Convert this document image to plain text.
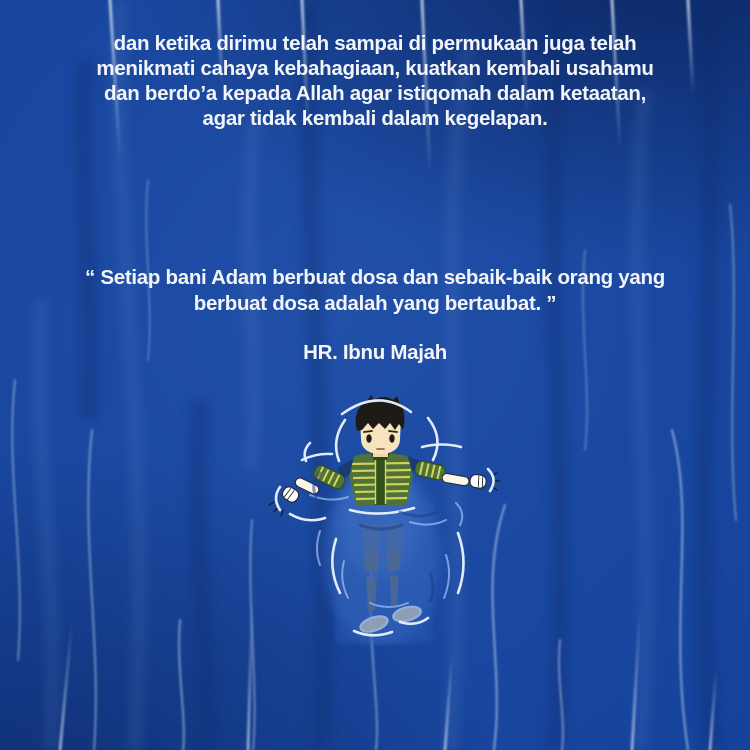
dan ketika dirimu telah sampai di permukaan juga telah
menikmati cahaya kebahagiaan, kuatkan kembali usahamu
dan berdo’a kepada Allah agar istiqomah dalam ketaatan,
agar tidak kembali dalam kegelapan.
“ Setiap bani Adam berbuat dosa dan sebaik-baik orang yang
berbuat dosa adalah yang bertaubat. ”
HR. Ibnu Majah
